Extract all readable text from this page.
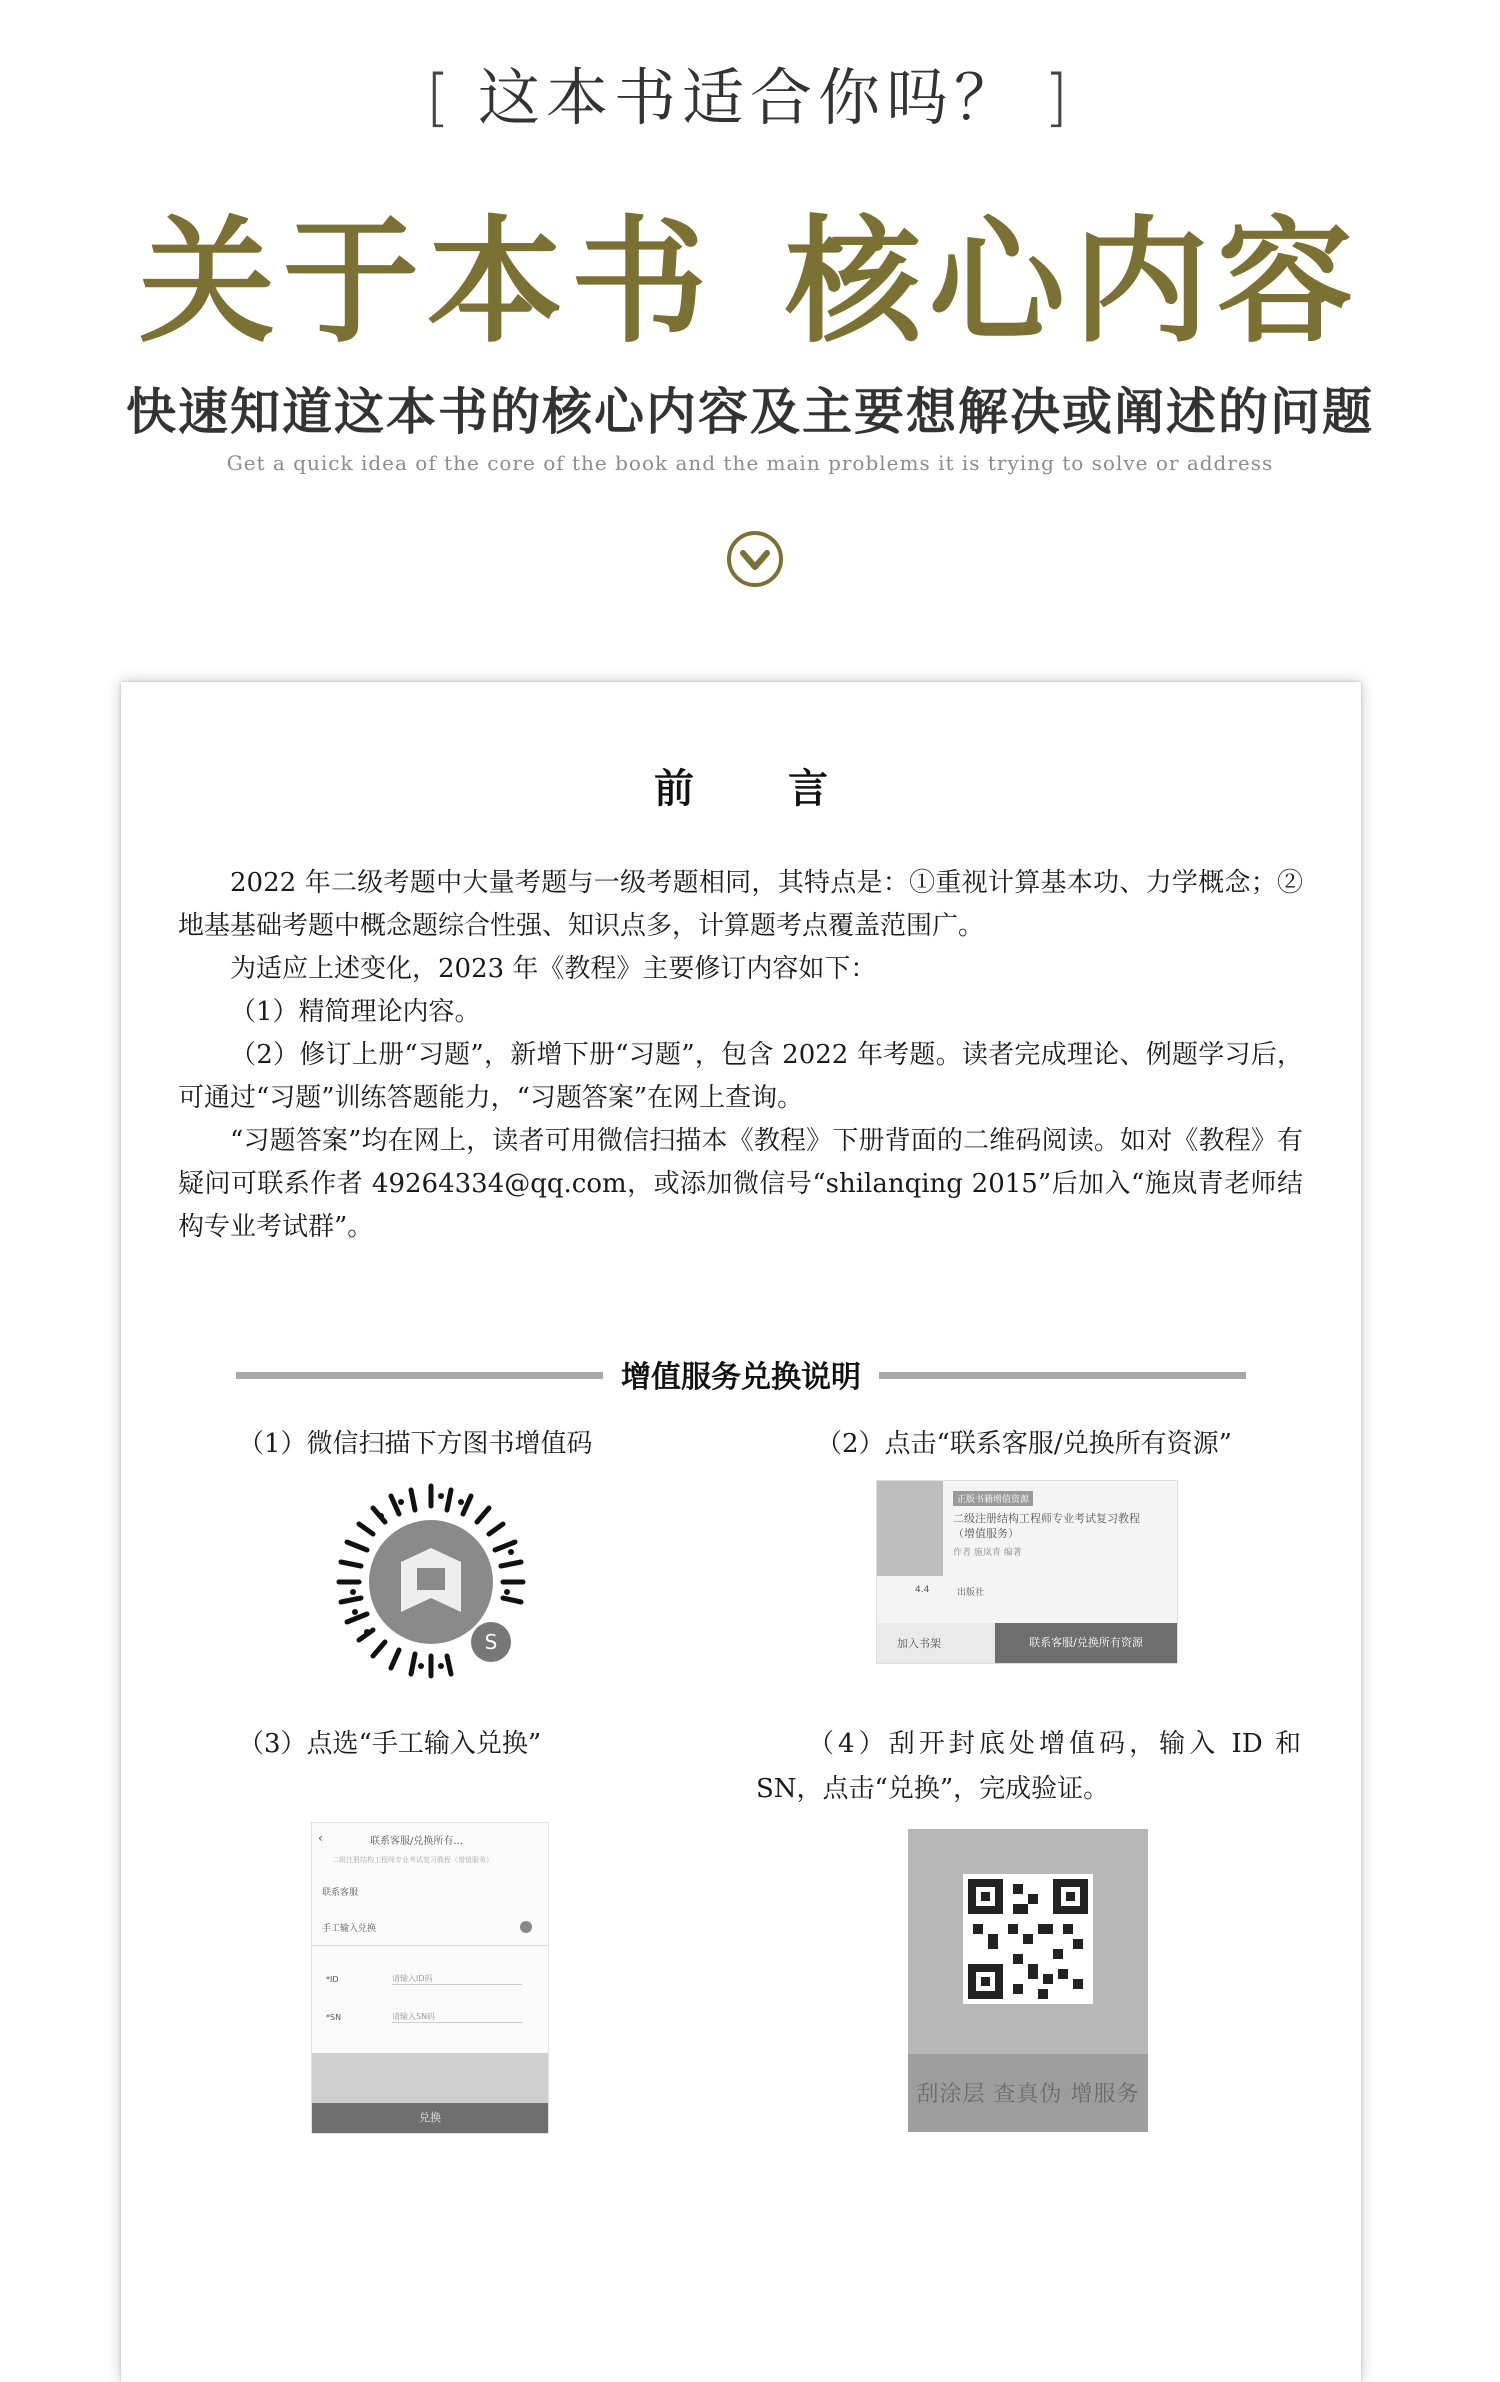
[ 这本书适合你吗？ ]
关于本书 核心内容
快速知道这本书的核心内容及主要想解决或阐述的问题
Get a quick idea of the core of the book and the main problems it is trying to solve or address
前言

2022 年二级考题中大量考题与一级考题相同，其特点是：①重视计算基本功、力学概念；②地基基础考题中概念题综合性强、知识点多，计算题考点覆盖范围广。

为适应上述变化，2023 年《教程》主要修订内容如下：

（1）精简理论内容。

（2）修订上册“习题”，新增下册“习题”，包含 2022 年考题。读者完成理论、例题学习后，可通过“习题”训练答题能力，“习题答案”在网上查询。

“习题答案”均在网上，读者可用微信扫描本《教程》下册背面的二维码阅读。如对《教程》有疑问可联系作者 49264334@qq.com，或添加微信号“shilanqing 2015”后加入“施岚青老师结构专业考试群”。

增值服务兑换说明
（1）微信扫描下方图书增值码	（2）点击“联系客服/兑换所有资源”
S
正版书籍增值资源
二级注册结构工程师专业考试复习教程（增值服务）
作者 施岚青 编著
4.4	出版社
加入书架	联系客服/兑换所有资源
（3）点选“手工输入兑换”	（4）刮开封底处增值码，输入 ID 和 SN，点击“兑换”，完成验证。
‹	联系客服/兑换所有...
二级注册结构工程师专业考试复习教程（增值服务）
联系客服
手工输入兑换
*ID	请输入ID码
*SN	请输入SN码
兑换
刮涂层 查真伪 增服务
